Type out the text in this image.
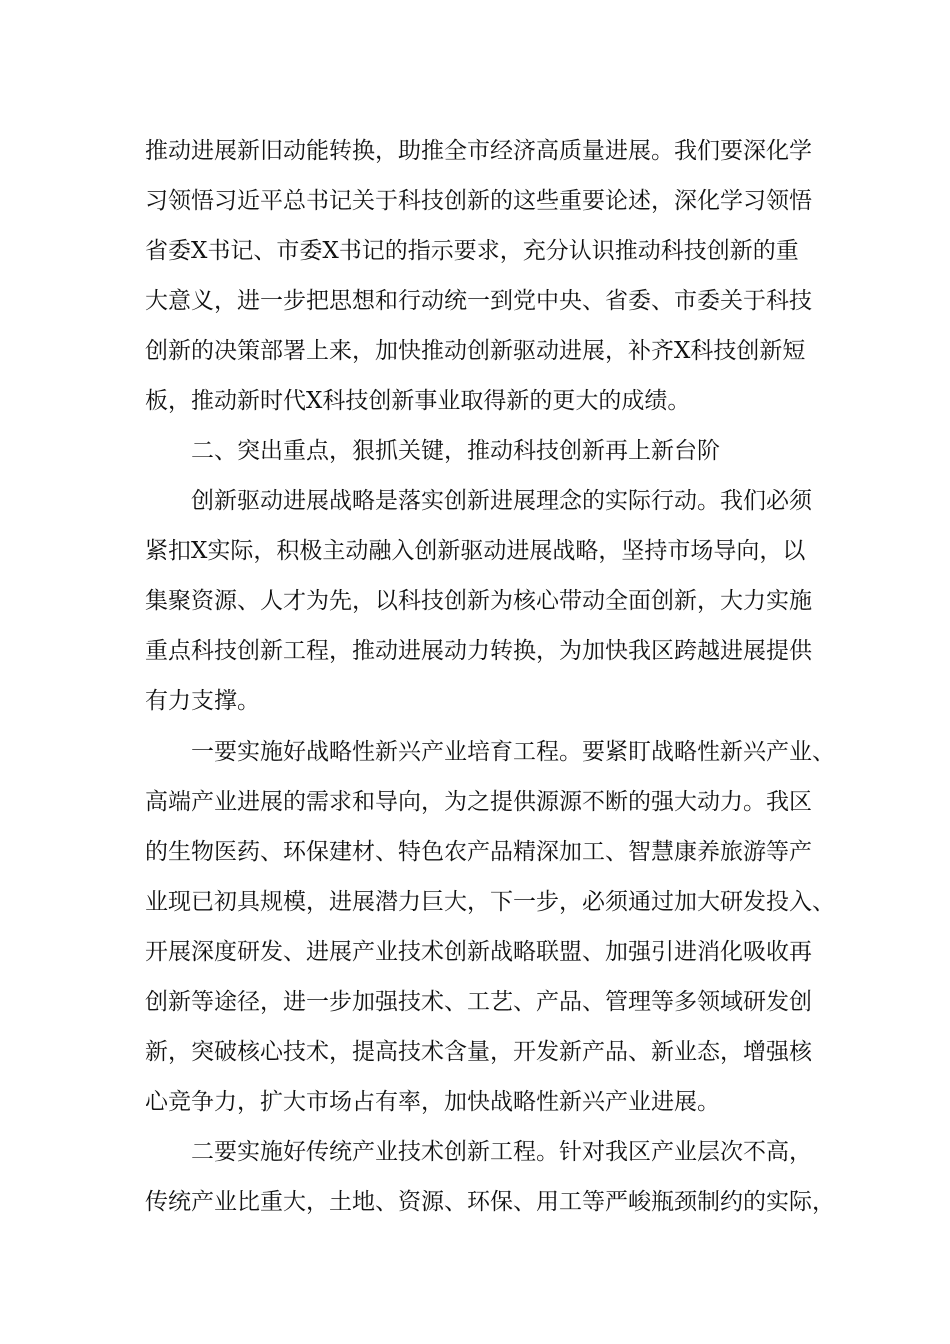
推动进展新旧动能转换，助推全市经济高质量进展。我们要深化学

习领悟习近平总书记关于科技创新的这些重要论述，深化学习领悟

省委X书记、市委X书记的指示要求，充分认识推动科技创新的重

大意义，进一步把思想和行动统一到党中央、省委、市委关于科技

创新的决策部署上来，加快推动创新驱动进展，补齐X科技创新短

板，推动新时代X科技创新事业取得新的更大的成绩。

二、突出重点，狠抓关键，推动科技创新再上新台阶

创新驱动进展战略是落实创新进展理念的实际行动。我们必须

紧扣X实际，积极主动融入创新驱动进展战略，坚持市场导向，以

集聚资源、人才为先，以科技创新为核心带动全面创新，大力实施

重点科技创新工程，推动进展动力转换，为加快我区跨越进展提供

有力支撑。

一要实施好战略性新兴产业培育工程。要紧盯战略性新兴产业、

高端产业进展的需求和导向，为之提供源源不断的强大动力。我区

的生物医药、环保建材、特色农产品精深加工、智慧康养旅游等产

业现已初具规模，进展潜力巨大，下一步，必须通过加大研发投入、

开展深度研发、进展产业技术创新战略联盟、加强引进消化吸收再

创新等途径，进一步加强技术、工艺、产品、管理等多领域研发创

新，突破核心技术，提高技术含量，开发新产品、新业态，增强核

心竞争力，扩大市场占有率，加快战略性新兴产业进展。

二要实施好传统产业技术创新工程。针对我区产业层次不高，

传统产业比重大，土地、资源、环保、用工等严峻瓶颈制约的实际，
